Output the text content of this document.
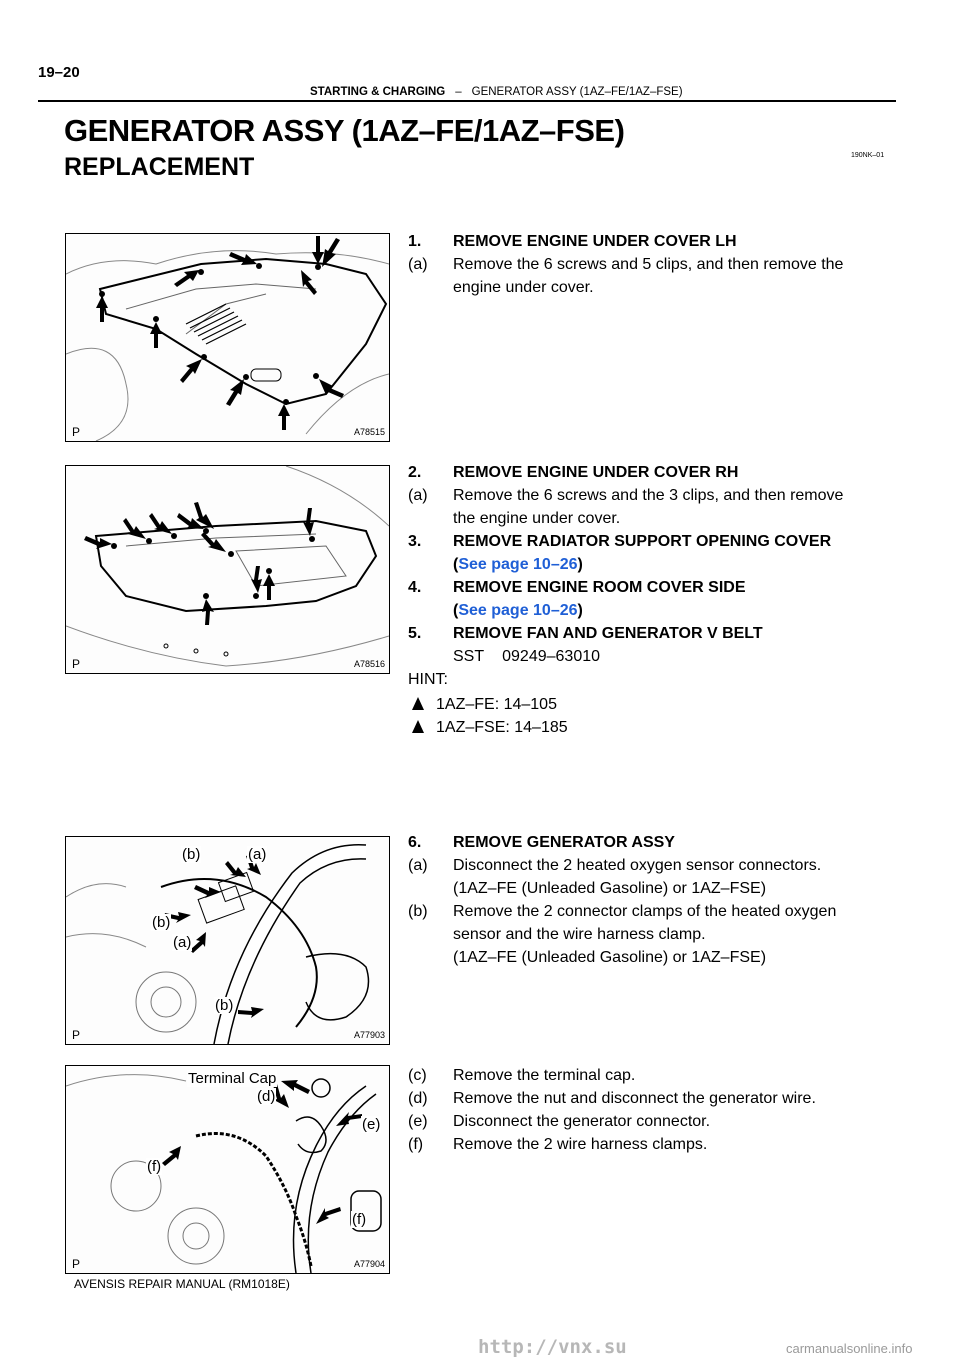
19–20
STARTING & CHARGING – GENERATOR ASSY (1AZ–FE/1AZ–FSE)
GENERATOR ASSY (1AZ–FE/1AZ–FSE)
REPLACEMENT	190NK–01
P	A78515
P	A78516
(b)	(a)
(b)
(a)
(b)
P	A77903
Terminal Cap
(d)
(e)
(f)
(f)
P	A77904
1. REMOVE ENGINE UNDER COVER LH
(a) Remove the 6 screws and 5 clips, and then remove the
engine under cover.
2. REMOVE ENGINE UNDER COVER RH
(a) Remove the 6 screws and the 3 clips, and then remove
the engine under cover.
3. REMOVE RADIATOR SUPPORT OPENING COVER
(See page 10–26)
4. REMOVE ENGINE ROOM COVER SIDE
(See page 10–26)
5. REMOVE FAN AND GENERATOR V BELT
SST 09249–63010
HINT:
1AZ–FE: 14–105
1AZ–FSE: 14–185
6. REMOVE GENERATOR ASSY
(a) Disconnect the 2 heated oxygen sensor connectors.
(1AZ–FE (Unleaded Gasoline) or 1AZ–FSE)
(b) Remove the 2 connector clamps of the heated oxygen
sensor and the wire harness clamp.
(1AZ–FE (Unleaded Gasoline) or 1AZ–FSE)
(c) Remove the terminal cap.
(d) Remove the nut and disconnect the generator wire.
(e) Disconnect the generator connector.
(f) Remove the 2 wire harness clamps.
AVENSIS REPAIR MANUAL (RM1018E)
http://vnx.su	carmanualsonline.info
